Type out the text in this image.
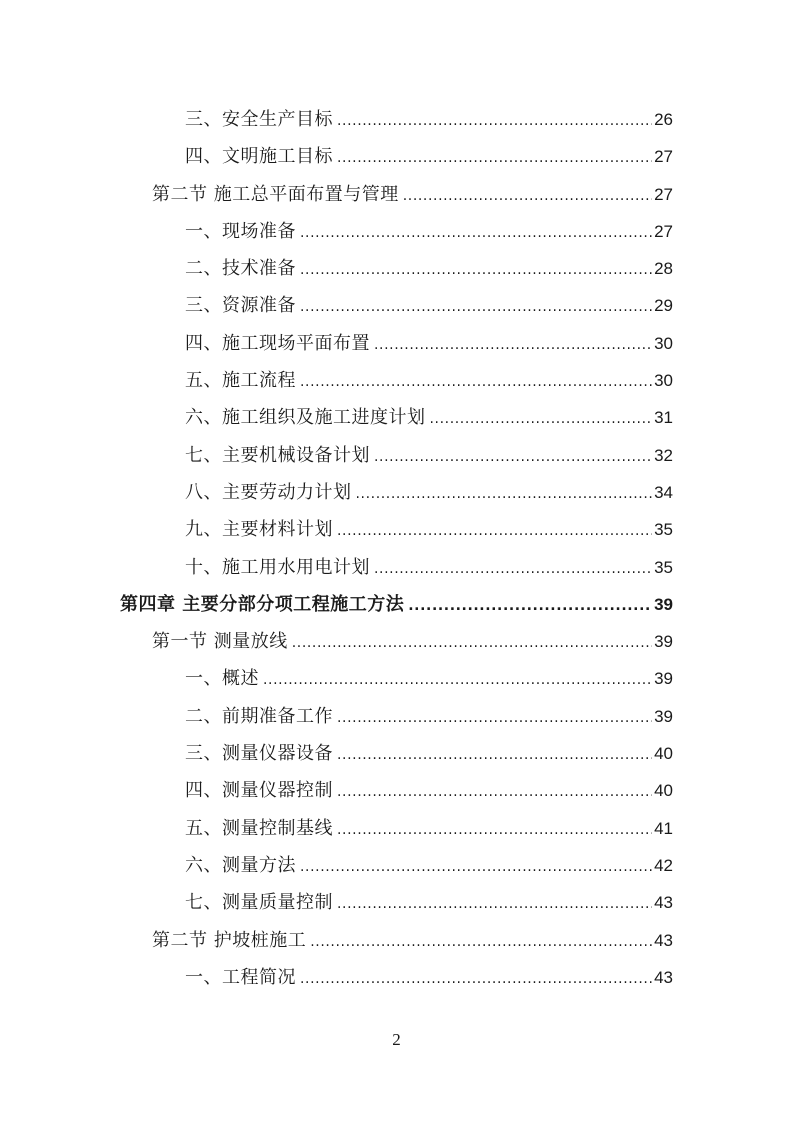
三、安全生产目标 .....	26
四、文明施工目标 .....	27
第二节 施工总平面布置与管理 .....	27
一、现场准备 .....	27
二、技术准备 .....	28
三、资源准备 .....	29
四、施工现场平面布置 .....	30
五、施工流程 .....	30
六、施工组织及施工进度计划 .....	31
七、主要机械设备计划 .....	32
八、主要劳动力计划 .....	34
九、主要材料计划 .....	35
十、施工用水用电计划 .....	35
第四章 主要分部分项工程施工方法 .....	39
第一节 测量放线 .....	39
一、概述 .....	39
二、前期准备工作 .....	39
三、测量仪器设备 .....	40
四、测量仪器控制 .....	40
五、测量控制基线 .....	41
六、测量方法 .....	42
七、测量质量控制 .....	43
第二节 护坡桩施工 .....	43
一、工程简况 .....	43
2
